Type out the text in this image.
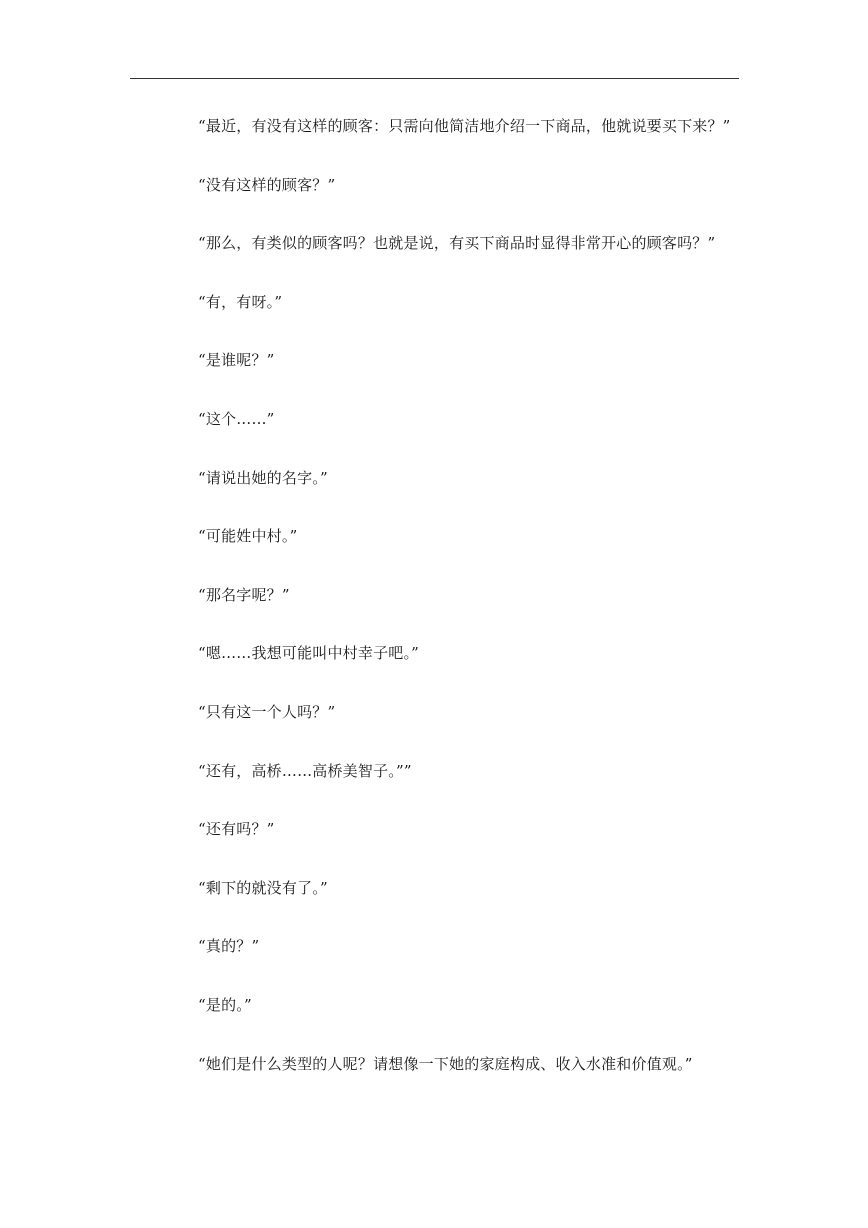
“最近，有没有这样的顾客：只需向他简洁地介绍一下商品，他就说要买下来？”
“没有这样的顾客？”
“那么，有类似的顾客吗？也就是说，有买下商品时显得非常开心的顾客吗？”
“有，有呀。”
“是谁呢？”
“这个……”
“请说出她的名字。”
“可能姓中村。”
“那名字呢？”
“嗯……我想可能叫中村幸子吧。”
“只有这一个人吗？”
“还有，高桥……高桥美智子。””
“还有吗？”
“剩下的就没有了。”
“真的？”
“是的。”
“她们是什么类型的人呢？请想像一下她的家庭构成、收入水准和价值观。”
